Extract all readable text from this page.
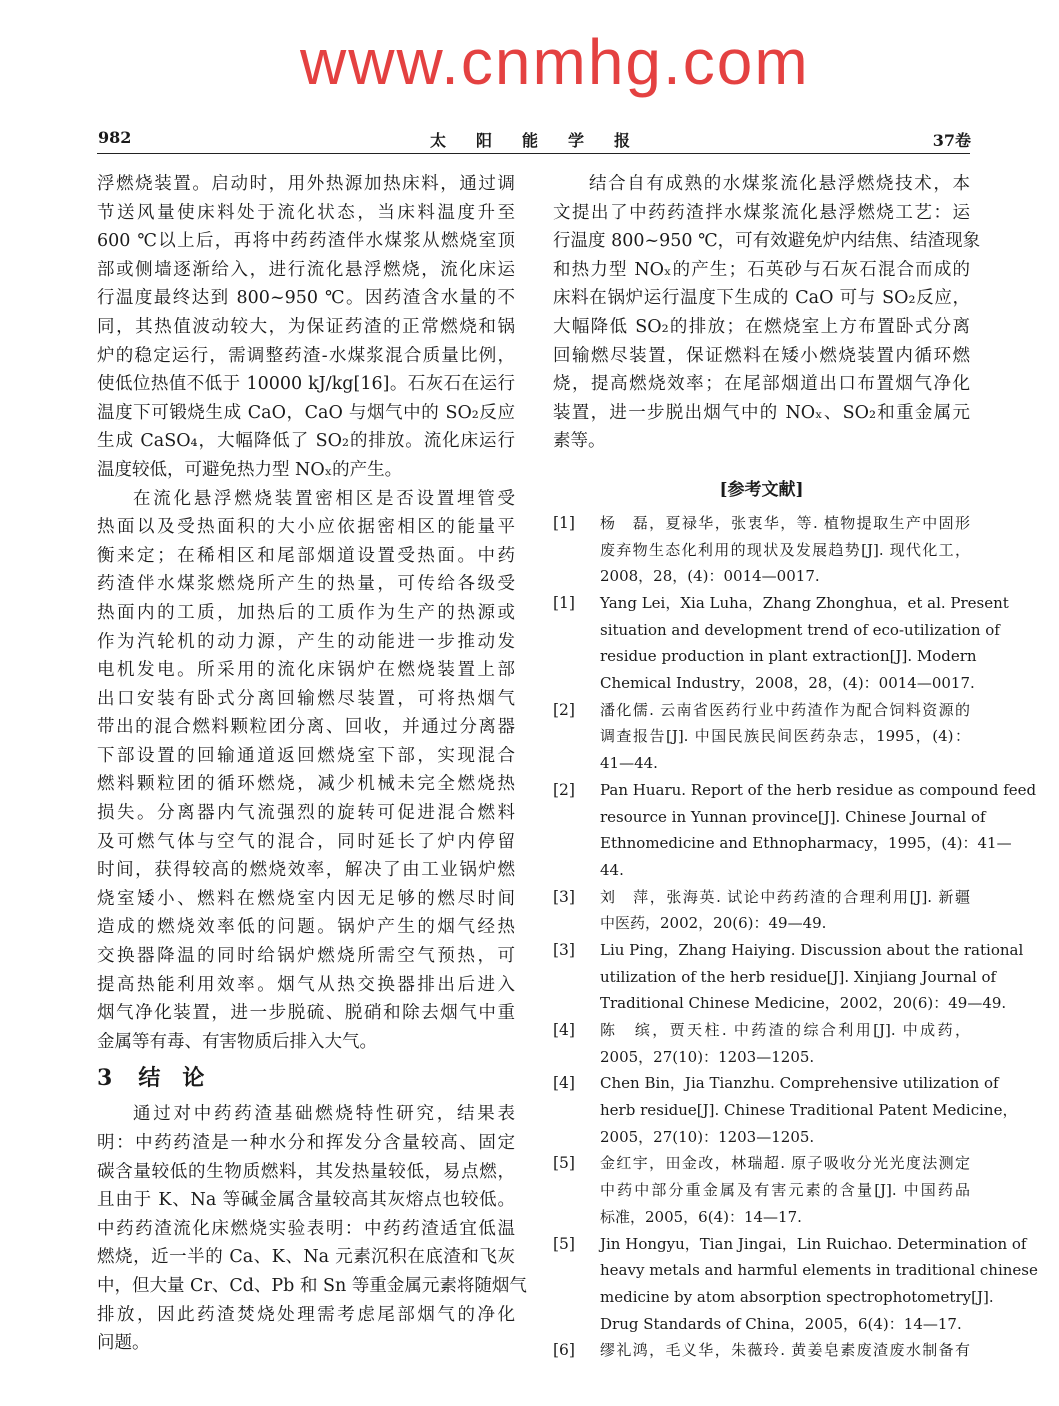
982	太阳能学报	37卷
浮燃烧装置。启动时，用外热源加热床料，通过调
节送风量使床料处于流化状态，当床料温度升至
600 ℃以上后，再将中药药渣伴水煤浆从燃烧室顶
部或侧墙逐渐给入，进行流化悬浮燃烧，流化床运
行温度最终达到 800~950 ℃。因药渣含水量的不
同，其热值波动较大，为保证药渣的正常燃烧和锅
炉的稳定运行，需调整药渣-水煤浆混合质量比例，
使低位热值不低于 10000 kJ/kg[16]。石灰石在运行
温度下可锻烧生成 CaO，CaO 与烟气中的 SO₂反应
生成 CaSO₄，大幅降低了 SO₂的排放。流化床运行
温度较低，可避免热力型 NOₓ的产生。
在流化悬浮燃烧装置密相区是否设置埋管受
热面以及受热面积的大小应依据密相区的能量平
衡来定；在稀相区和尾部烟道设置受热面。中药
药渣伴水煤浆燃烧所产生的热量，可传给各级受
热面内的工质，加热后的工质作为生产的热源或
作为汽轮机的动力源，产生的动能进一步推动发
电机发电。所采用的流化床锅炉在燃烧装置上部
出口安装有卧式分离回输燃尽装置，可将热烟气
带出的混合燃料颗粒团分离、回收，并通过分离器
下部设置的回输通道返回燃烧室下部，实现混合
燃料颗粒团的循环燃烧，减少机械未完全燃烧热
损失。分离器内气流强烈的旋转可促进混合燃料
及可燃气体与空气的混合，同时延长了炉内停留
时间，获得较高的燃烧效率，解决了由工业锅炉燃
烧室矮小、燃料在燃烧室内因无足够的燃尽时间
造成的燃烧效率低的问题。锅炉产生的烟气经热
交换器降温的同时给锅炉燃烧所需空气预热，可
提高热能利用效率。烟气从热交换器排出后进入
烟气净化装置，进一步脱硫、脱硝和除去烟气中重
金属等有毒、有害物质后排入大气。
3 结　论
通过对中药药渣基础燃烧特性研究，结果表
明：中药药渣是一种水分和挥发分含量较高、固定
碳含量较低的生物质燃料，其发热量较低，易点燃，
且由于 K、Na 等碱金属含量较高其灰熔点也较低。
中药药渣流化床燃烧实验表明：中药药渣适宜低温
燃烧，近一半的 Ca、K、Na 元素沉积在底渣和飞灰
中，但大量 Cr、Cd、Pb 和 Sn 等重金属元素将随烟气
排放，因此药渣焚烧处理需考虑尾部烟气的净化
问题。
结合自有成熟的水煤浆流化悬浮燃烧技术，本
文提出了中药药渣拌水煤浆流化悬浮燃烧工艺：运
行温度 800~950 ℃，可有效避免炉内结焦、结渣现象
和热力型 NOₓ的产生；石英砂与石灰石混合而成的
床料在锅炉运行温度下生成的 CaO 可与 SO₂反应，
大幅降低 SO₂的排放；在燃烧室上方布置卧式分离
回输燃尽装置，保证燃料在矮小燃烧装置内循环燃
烧，提高燃烧效率；在尾部烟道出口布置烟气净化
装置，进一步脱出烟气中的 NOₓ、SO₂和重金属元
素等。
[参考文献]
[1] 杨　磊，夏禄华，张衷华，等. 植物提取生产中固形
废弃物生态化利用的现状及发展趋势[J]. 现代化工，
2008，28，(4)：0014—0017.
[1] Yang Lei，Xia Luha，Zhang Zhonghua，et al. Present
situation and development trend of eco-utilization of
residue production in plant extraction[J]. Modern
Chemical Industry，2008，28，(4)：0014—0017.
[2] 潘化儒. 云南省医药行业中药渣作为配合饲料资源的
调查报告[J]. 中国民族民间医药杂志，1995，(4)：
41—44.
[2] Pan Huaru. Report of the herb residue as compound feed
resource in Yunnan province[J]. Chinese Journal of
Ethnomedicine and Ethnopharmacy，1995，(4)：41—
44.
[3] 刘　萍，张海英. 试论中药药渣的合理利用[J]. 新疆
中医药，2002，20(6)：49—49.
[3] Liu Ping，Zhang Haiying. Discussion about the rational
utilization of the herb residue[J]. Xinjiang Journal of
Traditional Chinese Medicine，2002，20(6)：49—49.
[4] 陈　缤，贾天柱. 中药渣的综合利用[J]. 中成药，
2005，27(10)：1203—1205.
[4] Chen Bin，Jia Tianzhu. Comprehensive utilization of
herb residue[J]. Chinese Traditional Patent Medicine，
2005，27(10)：1203—1205.
[5] 金红宇，田金改，林瑞超. 原子吸收分光光度法测定
中药中部分重金属及有害元素的含量[J]. 中国药品
标准，2005，6(4)：14—17.
[5] Jin Hongyu，Tian Jingai，Lin Ruichao. Determination of
heavy metals and harmful elements in traditional chinese
medicine by atom absorption spectrophotometry[J].
Drug Standards of China，2005，6(4)：14—17.
[6] 缪礼鸿，毛义华，朱薇玲. 黄姜皂素废渣废水制备有
www.cnmhg.com
